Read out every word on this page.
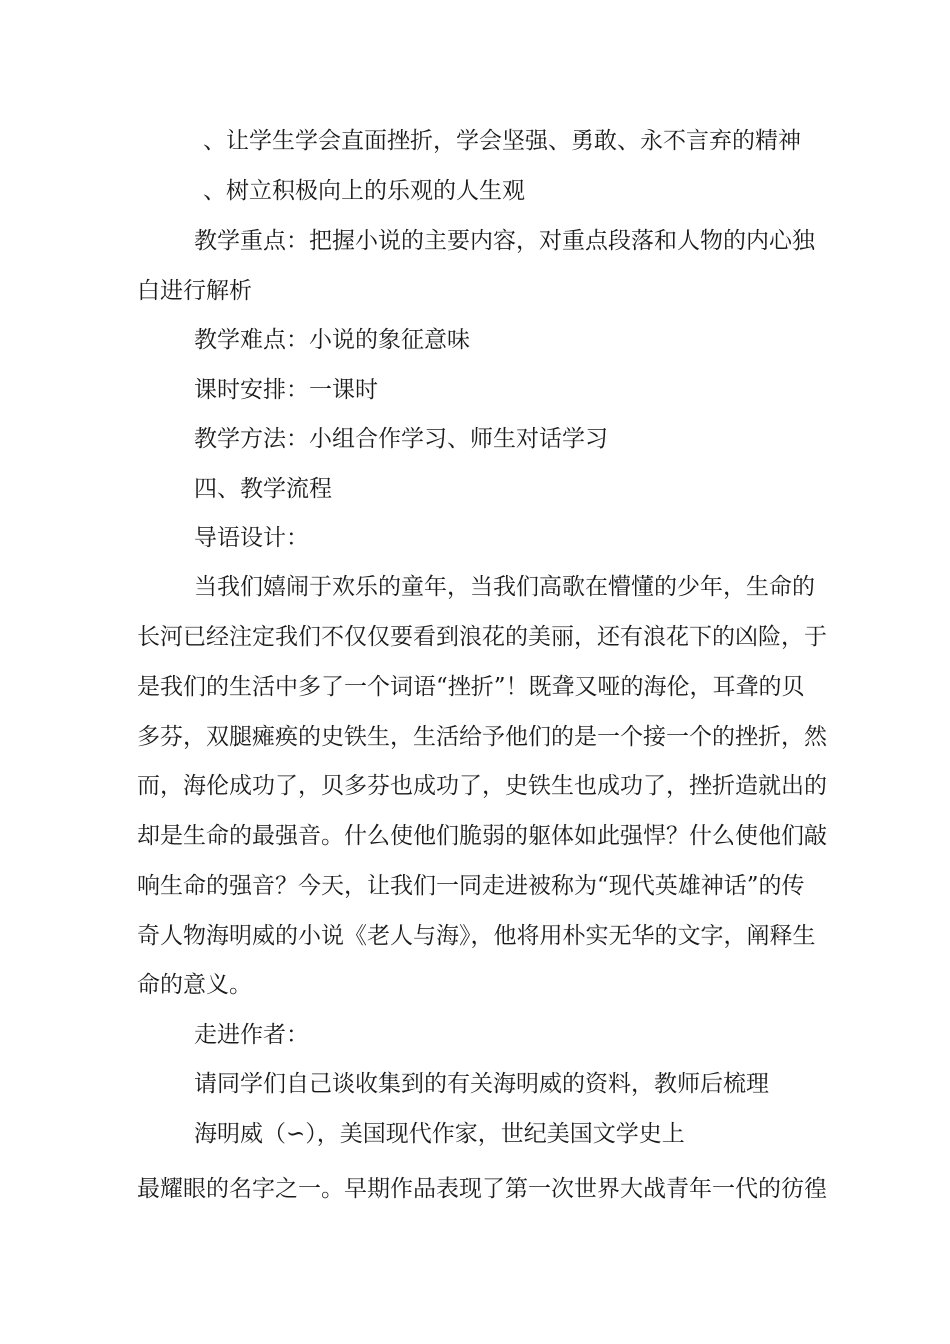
、让学生学会直面挫折，学会坚强、勇敢、永不言弃的精神
、树立积极向上的乐观的人生观
教学重点：把握小说的主要内容，对重点段落和人物的内心独
白进行解析
教学难点：小说的象征意味
课时安排：一课时
教学方法：小组合作学习、师生对话学习
四、教学流程
导语设计：
当我们嬉闹于欢乐的童年，当我们高歌在懵懂的少年，生命的
长河已经注定我们不仅仅要看到浪花的美丽，还有浪花下的凶险，于
是我们的生活中多了一个词语“挫折”！既聋又哑的海伦，耳聋的贝
多芬，双腿瘫痪的史铁生，生活给予他们的是一个接一个的挫折，然
而，海伦成功了，贝多芬也成功了，史铁生也成功了，挫折造就出的
却是生命的最强音。什么使他们脆弱的躯体如此强悍？什么使他们敲
响生命的强音？今天，让我们一同走进被称为“现代英雄神话”的传
奇人物海明威的小说《老人与海》，他将用朴实无华的文字，阐释生
命的意义。
走进作者：
请同学们自己谈收集到的有关海明威的资料，教师后梳理
海明威（∽），美国现代作家，世纪美国文学史上
最耀眼的名字之一。早期作品表现了第一次世界大战青年一代的彷徨
